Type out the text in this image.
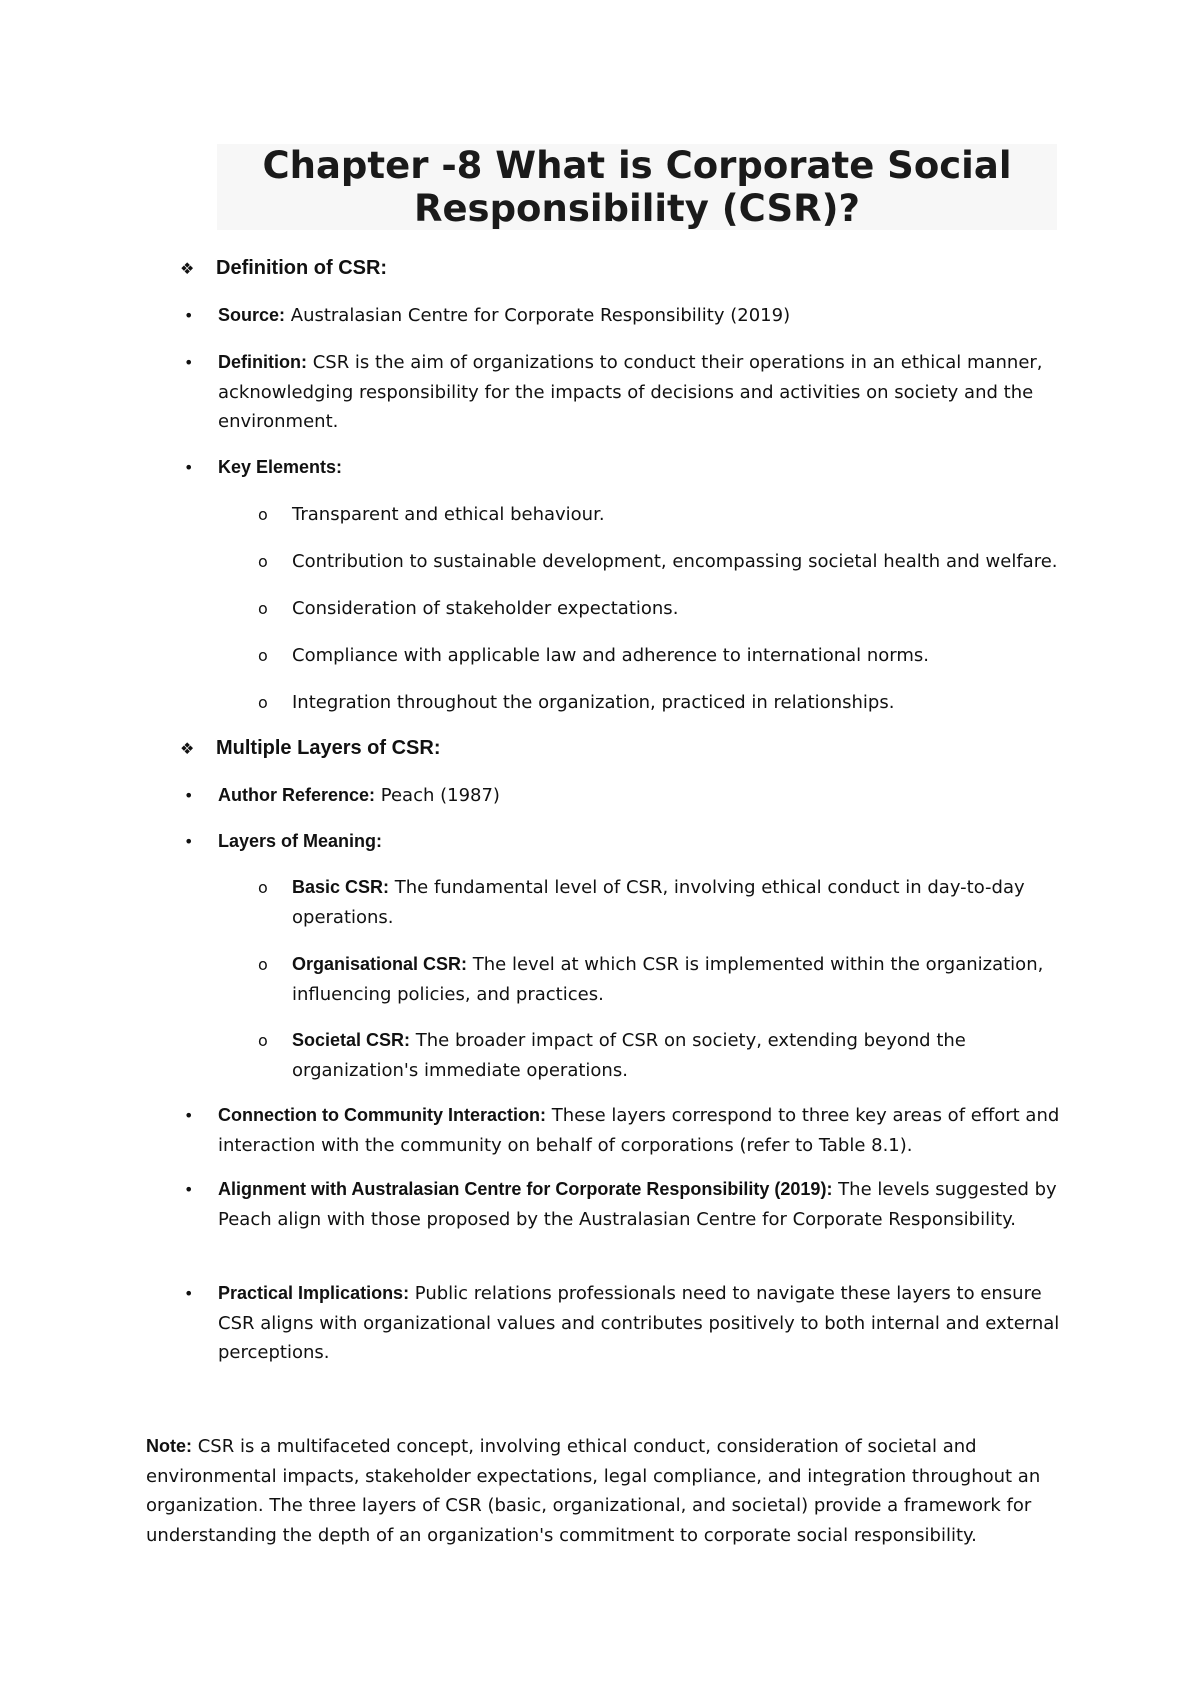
Chapter -8 What is Corporate Social
Responsibility (CSR)?
❖ Definition of CSR:
• Source: Australasian Centre for Corporate Responsibility (2019)
• Definition: CSR is the aim of organizations to conduct their operations in an ethical manner, acknowledging responsibility for the impacts of decisions and activities on society and the environment.
• Key Elements:
o Transparent and ethical behaviour.
o Contribution to sustainable development, encompassing societal health and welfare.
o Consideration of stakeholder expectations.
o Compliance with applicable law and adherence to international norms.
o Integration throughout the organization, practiced in relationships.
❖ Multiple Layers of CSR:
• Author Reference: Peach (1987)
• Layers of Meaning:
o Basic CSR: The fundamental level of CSR, involving ethical conduct in day-to-day operations.
o Organisational CSR: The level at which CSR is implemented within the organization, influencing policies, and practices.
o Societal CSR: The broader impact of CSR on society, extending beyond the organization's immediate operations.
• Connection to Community Interaction: These layers correspond to three key areas of effort and interaction with the community on behalf of corporations (refer to Table 8.1).
• Alignment with Australasian Centre for Corporate Responsibility (2019): The levels suggested by Peach align with those proposed by the Australasian Centre for Corporate Responsibility.
• Practical Implications: Public relations professionals need to navigate these layers to ensure CSR aligns with organizational values and contributes positively to both internal and external perceptions.
Note: CSR is a multifaceted concept, involving ethical conduct, consideration of societal and environmental impacts, stakeholder expectations, legal compliance, and integration throughout an organization. The three layers of CSR (basic, organizational, and societal) provide a framework for understanding the depth of an organization's commitment to corporate social responsibility.
